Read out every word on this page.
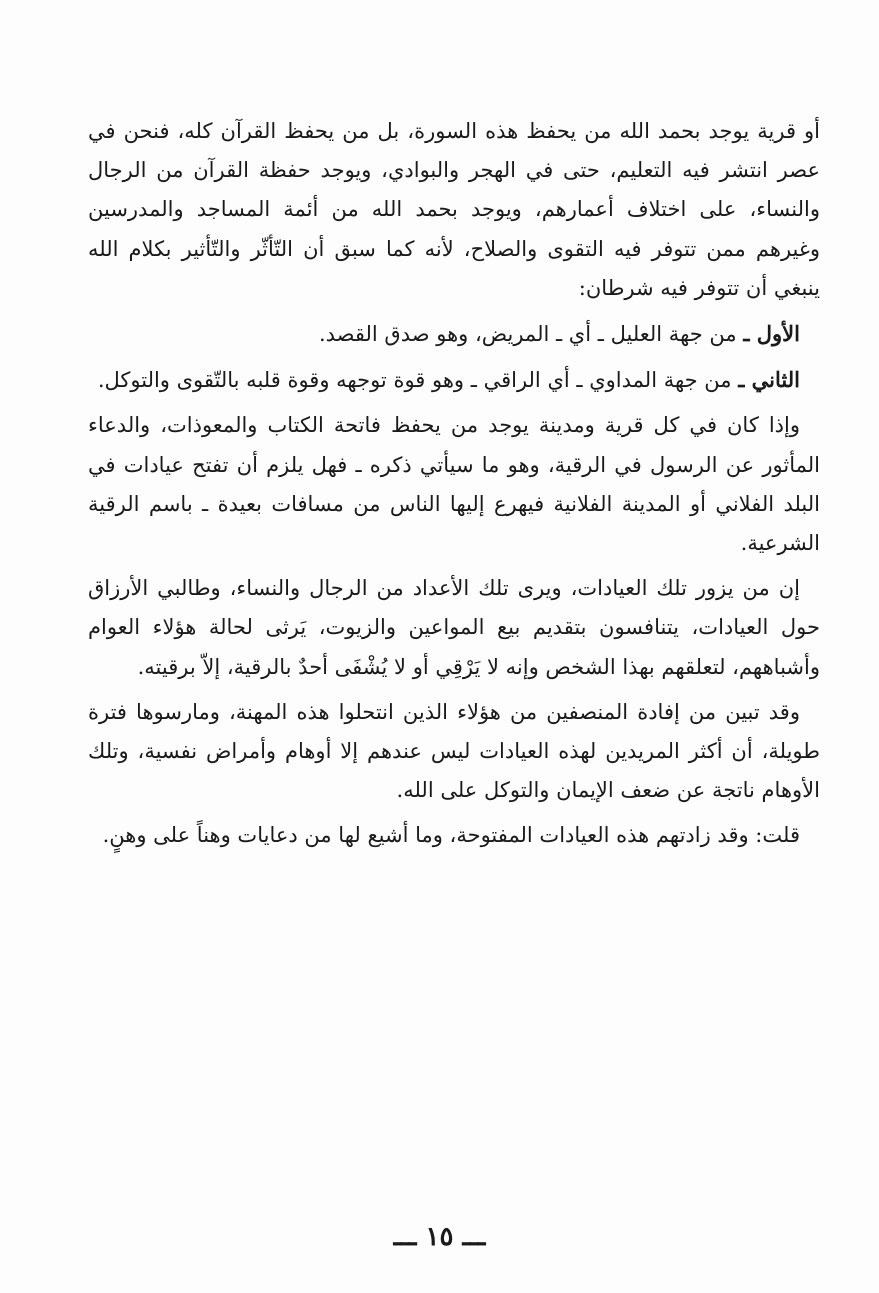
أو قرية يوجد بحمد الله من يحفظ هذه السورة، بل من يحفظ القرآن كله، فنحن في عصر انتشر فيه التعليم، حتى في الهجر والبوادي، ويوجد حفظة القرآن من الرجال والنساء، على اختلاف أعمارهم، ويوجد بحمد الله من أئمة المساجد والمدرسين وغيرهم ممن تتوفر فيه التقوى والصلاح، لأنه كما سبق أن التّأثّر والتّأثير بكلام الله ينبغي أن تتوفر فيه شرطان:

الأول ـ من جهة العليل ـ أي ـ المريض، وهو صدق القصد.

الثاني ـ من جهة المداوي ـ أي الراقي ـ وهو قوة توجهه وقوة قلبه بالتّقوى والتوكل.

وإذا كان في كل قرية ومدينة يوجد من يحفظ فاتحة الكتاب والمعوذات، والدعاء المأثور عن الرسول في الرقية، وهو ما سيأتي ذكره ـ فهل يلزم أن تفتح عيادات في البلد الفلاني أو المدينة الفلانية فيهرع إليها الناس من مسافات بعيدة ـ باسم الرقية الشرعية.

إن من يزور تلك العيادات، ويرى تلك الأعداد من الرجال والنساء، وطالبي الأرزاق حول العيادات، يتنافسون بتقديم بيع المواعين والزيوت، يَرثى لحالة هؤلاء العوام وأشباههم، لتعلقهم بهذا الشخص وإنه لا يَرْقِي أو لا يُشْفَى أحدٌ بالرقية، إلاّ برقيته.

وقد تبين من إفادة المنصفين من هؤلاء الذين انتحلوا هذه المهنة، ومارسوها فترة طويلة، أن أكثر المريدين لهذه العيادات ليس عندهم إلا أوهام وأمراض نفسية، وتلك الأوهام ناتجة عن ضعف الإيمان والتوكل على الله.

قلت: وقد زادتهم هذه العيادات المفتوحة، وما أشيع لها من دعايات وهناً على وهنٍ.

ـــ ١٥ ـــ
